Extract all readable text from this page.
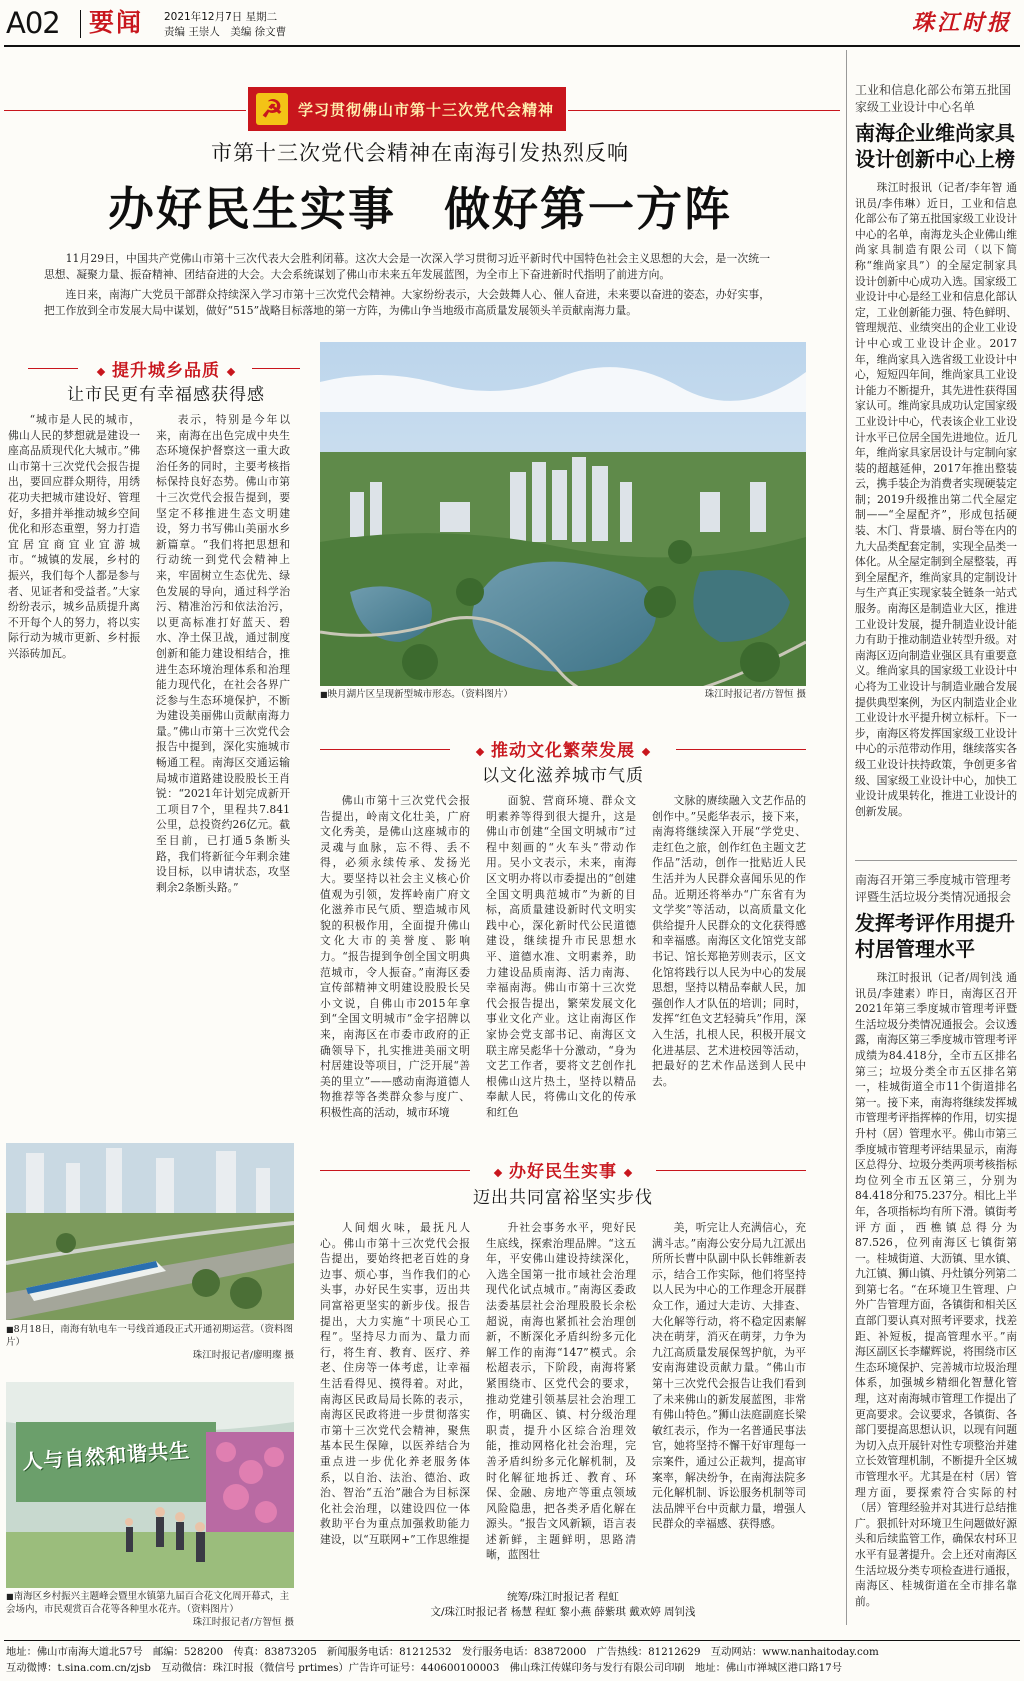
A02 要闻 2021年12月7日 星期二
责编 王崇人　美编 徐文曹	珠江时报
☭	学习贯彻佛山市第十三次党代会精神
市第十三次党代会精神在南海引发热烈反响
办好民生实事　做好第一方阵
11月29日，中国共产党佛山市第十三次代表大会胜利闭幕。这次大会是一次深入学习贯彻习近平新时代中国特色社会主义思想的大会，是一次统一思想、凝聚力量、振奋精神、团结奋进的大会。大会系统谋划了佛山市未来五年发展蓝图，为全市上下奋进新时代指明了前进方向。
连日来，南海广大党员干部群众持续深入学习市第十三次党代会精神。大家纷纷表示，大会鼓舞人心、催人奋进，未来要以奋进的姿态，办好实事，把工作放到全市发展大局中谋划，做好“515”战略目标落地的第一方阵，为佛山争当地级市高质量发展领头羊贡献南海力量。
提升城乡品质
让市民更有幸福感获得感
“城市是人民的城市，佛山人民的梦想就是建设一座高品质现代化大城市。”佛山市第十三次党代会报告提出，要回应群众期待，用绣花功夫把城市建设好、管理好，多措并举推动城乡空间优化和形态重塑，努力打造宜居宜商宜业宜游城市。“城镇的发展，乡村的振兴，我们每个人都是参与者、见证者和受益者。”大家纷纷表示，城乡品质提升离不开每个人的努力，将以实际行动为城市更新、乡村振兴添砖加瓦。
表示，特别是今年以来，南海在出色完成中央生态环境保护督察这一重大政治任务的同时，主要考核指标保持良好态势。佛山市第十三次党代会报告提到，要坚定不移推进生态文明建设，努力书写佛山美丽水乡新篇章。“我们将把思想和行动统一到党代会精神上来，牢固树立生态优先、绿色发展的导向，通过科学治污、精准治污和依法治污，以更高标准打好蓝天、碧水、净土保卫战，通过制度创新和能力建设相结合，推进生态环境治理体系和治理能力现代化，在社会各界广泛参与生态环境保护，不断为建设美丽佛山贡献南海力量。”佛山市第十三次党代会报告中提到，深化实施城市畅通工程。南海区交通运输局城市道路建设股股长王肖锐：“2021年计划完成新开工项目7个，里程共7.841公里，总投资约26亿元。截至目前，已打通5条断头路，我们将新征今年剩余建设目标，以申请状态，攻坚剩余2条断头路。”
■映月湖片区呈现新型城市形态。（资料图片）	珠江时报记者/方智恒 摄
推动文化繁荣发展
以文化滋养城市气质
佛山市第十三次党代会报告提出，岭南文化壮美，广府文化秀美，是佛山这座城市的灵魂与血脉，忘不得、丢不得，必须永续传承、发扬光大。要坚持以社会主义核心价值观为引领，发挥岭南广府文化滋养市民气质、塑造城市风貌的积极作用，全面提升佛山文化大市的美誉度、影响力。“报告提到争创全国文明典范城市，令人振奋。”南海区委宣传部精神文明建设股股长吴小文说，自佛山市2015年拿到“全国文明城市”金字招牌以来，南海区在市委市政府的正确领导下，扎实推进美丽文明村居建设等项目，广泛开展“善美的里立”——感动南海道德人物推荐等各类群众参与度广、积极性高的活动，城市环境
面貌、营商环境、群众文明素养等得到很大提升，这是佛山市创建“全国文明城市”过程中刻画的“火车头”带动作用。吴小文表示，未来，南海区文明办将以市委提出的“创建全国文明典范城市”为新的目标，高质量建设新时代文明实践中心，深化新时代公民道德建设，继续提升市民思想水平、道德水准、文明素养，助力建设品质南海、活力南海、幸福南海。佛山市第十三次党代会报告提出，繁荣发展文化事业文化产业。这让南海区作家协会党支部书记、南海区文联主席吴彪华十分激动，“身为文艺工作者，要将文艺创作扎根佛山这片热土，坚持以精品奉献人民，将佛山文化的传承和红色
文脉的赓续融入文艺作品的创作中。”吴彪华表示，接下来，南海将继续深入开展“学党史、走红色之旅，创作红色主题文艺作品”活动，创作一批贴近人民生活并为人民群众喜闻乐见的作品。近期还将举办“广东省有为文学奖”等活动，以高质量文化供给提升人民群众的文化获得感和幸福感。南海区文化馆党支部书记、馆长郑艳芳则表示，区文化馆将践行以人民为中心的发展思想，坚持以精品奉献人民，加强创作人才队伍的培训；同时，发挥“红色文艺轻骑兵”作用，深入生活，扎根人民，积极开展文化进基层、艺术进校园等活动，把最好的艺术作品送到人民中去。
■8月18日，南海有轨电车一号线首通段正式开通初期运营。（资料图片）
珠江时报记者/廖明璨 摄
人与自然和谐共生
■南海区乡村振兴主题峰会暨里水镇第九届百合花文化周开幕式，主会场内，市民观赏百合花等各种里水花卉。（资料图片）
珠江时报记者/方智恒 摄
办好民生实事
迈出共同富裕坚实步伐
人间烟火味，最抚凡人心。佛山市第十三次党代会报告提出，要始终把老百姓的身边事、烦心事，当作我们的心头事，办好民生实事，迈出共同富裕更坚实的新步伐。报告提出，大力实施“十项民心工程”。坚持尽力而为、量力而行，将生育、教育、医疗、养老、住房等一体考虑，让幸福生活看得见、摸得着。对此，南海区民政局局长陈的表示，南海区民政将进一步贯彻落实市第十三次党代会精神，聚焦基本民生保障，以医养结合为重点进一步优化养老服务体系，以自治、法治、德治、政治、智治“五治”融合为目标深化社会治理，以建设四位一体救助平台为重点加强救助能力建设，以“互联网+”工作思维提
升社会事务水平，兜好民生底线，探索治理品牌。“这五年，平安佛山建设持续深化，入选全国第一批市域社会治理现代化试点城市。”南海区委政法委基层社会治理股股长余松超说，南海也紧抓社会治理创新，不断深化矛盾纠纷多元化解工作的南海“147”模式。余松超表示，下阶段，南海将紧紧围绕市、区党代会的要求，推动党建引领基层社会治理工作，明确区、镇、村分级治理职责，提升小区综合治理效能，推动网格化社会治理，完善矛盾纠纷多元化解机制，及时化解征地拆迁、教育、环保、金融、房地产等重点领域风险隐患，把各类矛盾化解在源头。“报告文风新颖，语言表述新鲜，主题鲜明，思路清晰，蓝图壮
美，听完让人充满信心，充满斗志。”南海公安分局九江派出所所长曹中队副中队长韩维新表示，结合工作实际，他们将坚持以人民为中心的工作理念开展群众工作，通过大走访、大排查、大化解等行动，将不稳定因素解决在萌芽，消灭在萌芽，力争为九江高质量发展保驾护航，为平安南海建设贡献力量。“佛山市第十三次党代会报告让我们看到了未来佛山的新发展蓝图，非常有佛山特色。”狮山法庭副庭长梁敏红表示，作为一名普通民事法官，她将坚持不懈干好审理每一宗案件，通过公正裁判，提高审案率，解决纷争，在南海法院多元化解机制、诉讼服务机制等司法品牌平台中贡献力量，增强人民群众的幸福感、获得感。
统筹/珠江时报记者 程虹
文/珠江时报记者 杨慧 程虹 黎小燕 薛紫琪 戴欢婷 周钊浅
工业和信息化部公布第五批国家级工业设计中心名单
南海企业维尚家具设计创新中心上榜
珠江时报讯（记者/李年智 通讯员/李伟琳）近日，工业和信息化部公布了第五批国家级工业设计中心的名单，南海龙头企业佛山维尚家具制造有限公司（以下简称“维尚家具”）的全屋定制家具设计创新中心成功入选。国家级工业设计中心是经工业和信息化部认定，工业创新能力强、特色鲜明、管理规范、业绩突出的企业工业设计中心或工业设计企业。2017年，维尚家具入选省级工业设计中心，短短四年间，维尚家具工业设计能力不断提升，其先进性获得国家认可。维尚家具成功认定国家级工业设计中心，代表该企业工业设计水平已位居全国先进地位。近几年，维尚家具家居设计与定制向家装的超越延伸，2017年推出整装云，携手装企为消费者实现硬装定制；2019升级推出第二代全屋定制——“全屋配齐”，形成包括硬装、木门、背景墙、厨台等在内的九大品类配套定制，实现全品类一体化。从全屋定制到全屋整装，再到全屋配齐，维尚家具的定制设计与生产真正实现家装全链条一站式服务。南海区是制造业大区，推进工业设计发展，提升制造业设计能力有助于推动制造业转型升级。对南海区迈向制造业强区具有重要意义。维尚家具的国家级工业设计中心将为工业设计与制造业融合发展提供典型案例，为区内制造业企业工业设计水平提升树立标杆。下一步，南海区将发挥国家级工业设计中心的示范带动作用，继续落实各级工业设计扶持政策，争创更多省级、国家级工业设计中心，加快工业设计成果转化，推进工业设计的创新发展。
南海召开第三季度城市管理考评暨生活垃圾分类情况通报会
发挥考评作用提升村居管理水平
珠江时报讯（记者/周钊浅 通讯员/李建素）昨日，南海区召开2021年第三季度城市管理考评暨生活垃圾分类情况通报会。会议透露，南海区第三季度城市管理考评成绩为84.418分，全市五区排名第三；垃圾分类全市五区排名第一，桂城街道全市11个街道排名第一。接下来，南海将继续发挥城市管理考评指挥棒的作用，切实提升村（居）管理水平。佛山市第三季度城市管理考评结果显示，南海区总得分、垃圾分类两项考核指标均位列全市五区第三，分别为84.418分和75.237分。相比上半年，各项指标均有所下滑。镇街考评方面，西樵镇总得分为87.526，位列南海区七镇街第一。桂城街道、大沥镇、里水镇、九江镇、狮山镇、丹灶镇分列第二到第七名。“在环境卫生管理、户外广告管理方面，各镇街和相关区直部门要认真对照考评要求，找差距、补短板，提高管理水平。”南海区副区长李耀辉说，将围绕市区生态环境保护、完善城市垃圾治理体系，加强城乡精细化智慧化管理，这对南海城市管理工作提出了更高要求。会议要求，各镇街、各部门要提高思想认识，以现有问题为切入点开展针对性专项整治并建立长效管理机制，不断提升全区城市管理水平。尤其是在村（居）管理方面，要探索符合实际的村（居）管理经验并对其进行总结推广。狠抓针对环境卫生问题做好源头和后续监管工作，确保农村环卫水平有显著提升。会上还对南海区生活垃圾分类专项检查进行通报，南海区、桂城街道在全市排名靠前。
地址：佛山市南海大道北57号　邮编：528200　传真：83873205　新闻服务电话：81212532　发行服务电话：83872000　广告热线：81212629　互动网站：www.nanhaitoday.com
互动微博：t.sina.com.cn/zjsb　互动微信：珠江时报（微信号 prtimes）广告许可证号：440600100003　佛山珠江传媒印务与发行有限公司印刷　地址：佛山市禅城区港口路17号
